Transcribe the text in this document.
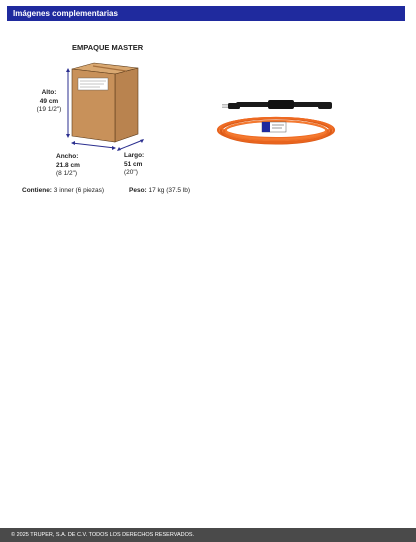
Imágenes complementarias
EMPAQUE MASTER
Alto:
49 cm
(19 1/2")
Ancho:
21.8 cm
(8 1/2")
Largo:
51 cm
(20")
Contiene: 3 inner (6 piezas)	Peso: 17 kg (37.5 lb)
© 2025 TRUPER, S.A. DE C.V. TODOS LOS DERECHOS RESERVADOS.
